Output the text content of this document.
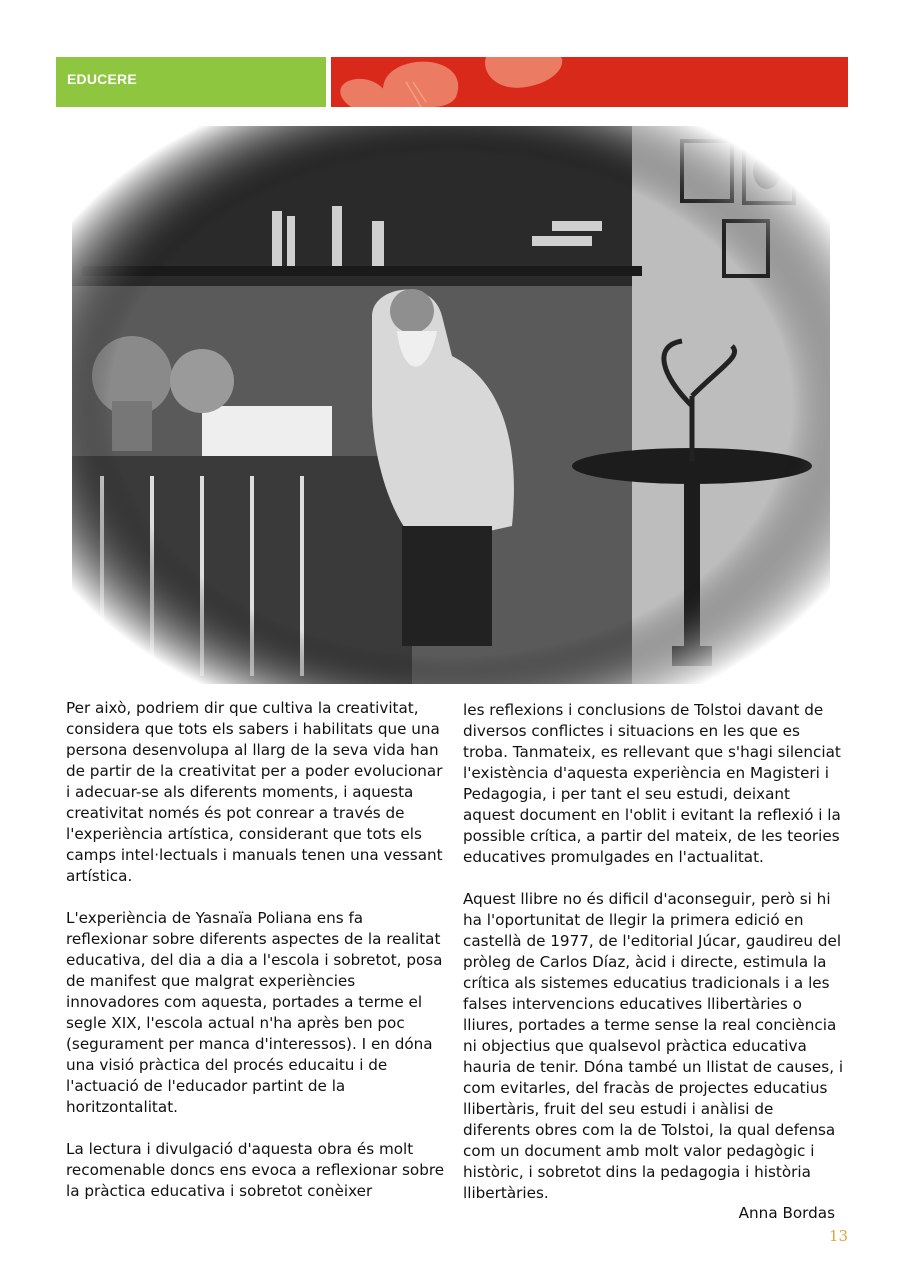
EDUCERE

Per això, podriem dir que cultiva la creativitat, considera que tots els sabers i habilitats que una persona desenvolupa al llarg de la seva vida han de partir de la creativitat per a poder evolucionar i adecuar-se als diferents moments, i aquesta creativitat només és pot conrear a través de l'experiència artística, considerant que tots els camps intel·lectuals i manuals tenen una vessant artística.

L'experiència de Yasnaïa Poliana ens fa reflexionar sobre diferents aspectes de la realitat educativa, del dia a dia a l'escola i sobretot, posa de manifest que malgrat experiències innovadores com aquesta, portades a terme el segle XIX, l'escola actual n'ha après ben poc (segurament per manca d'interessos). I en dóna una visió pràctica del procés educaitu i de l'actuació de l'educador partint de la horitzontalitat.

La lectura i divulgació d'aquesta obra és molt recomenable doncs ens evoca a reflexionar sobre la pràctica educativa i sobretot conèixer

les reflexions i conclusions de Tolstoi davant de diversos conflictes i situacions en les que es troba. Tanmateix, es rellevant que s'hagi silenciat l'existència d'aquesta experiència en Magisteri i Pedagogia, i per tant el seu estudi, deixant aquest document en l'oblit i evitant la reflexió i la possible crítica, a partir del mateix, de les teories educatives promulgades en l'actualitat.

Aquest llibre no és dificil d'aconseguir, però si hi ha l'oportunitat de llegir la primera edició en castellà de 1977, de l'editorial Júcar, gaudireu del pròleg de Carlos Díaz, àcid i directe, estimula la crítica als sistemes educatius tradicionals i a les falses intervencions educatives llibertàries o lliures, portades a terme sense la real conciència ni objectius que qualsevol pràctica educativa hauria de tenir. Dóna també un llistat de causes, i com evitarles, del fracàs de projectes educatius llibertàris, fruit del seu estudi i anàlisi de diferents obres com la de Tolstoi, la qual defensa com un document amb molt valor pedagògic i històric, i sobretot dins la pedagogia i història llibertàries.

Anna Bordas
13
